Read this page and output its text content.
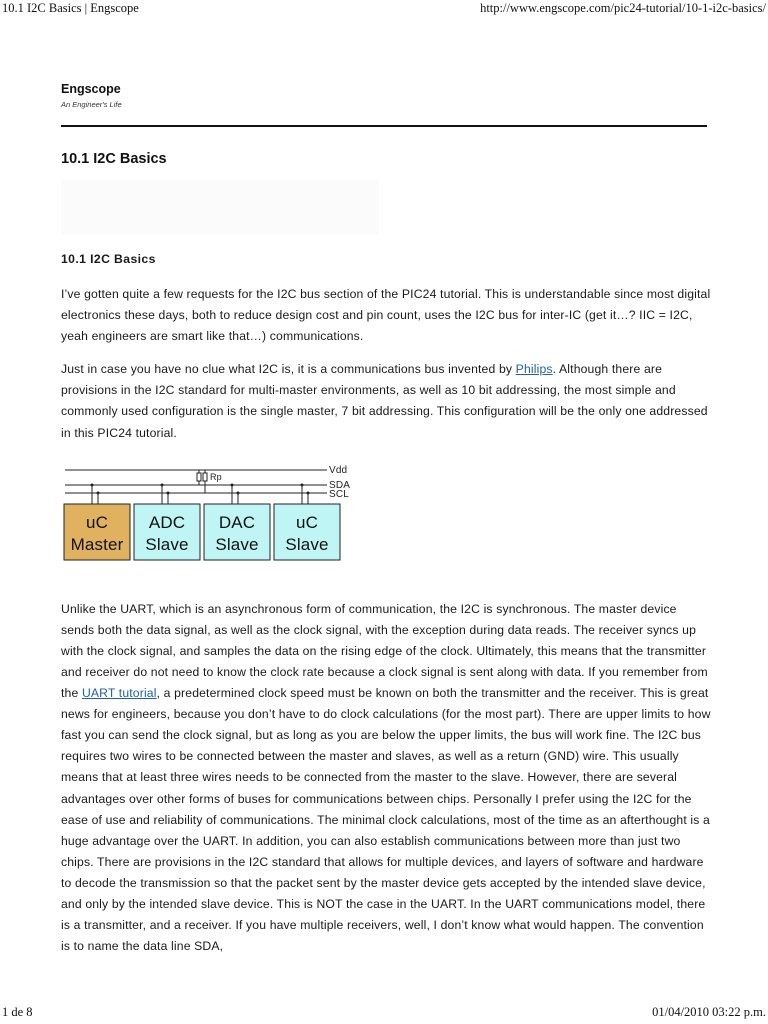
10.1 I2C Basics | Engscope	http://www.engscope.com/pic24-tutorial/10-1-i2c-basics/
Engscope
An Engineer's Life
10.1 I2C Basics
10.1 I2C Basics

I’ve gotten quite a few requests for the I2C bus section of the PIC24 tutorial. This is understandable since most digital electronics these days, both to reduce design cost and pin count, uses the I2C bus for inter-IC (get it…? IIC = I2C, yeah engineers are smart like that…) communications.

Just in case you have no clue what I2C is, it is a communications bus invented by Philips. Although there are provisions in the I2C standard for multi-master environments, as well as 10 bit addressing, the most simple and commonly used configuration is the single master, 7 bit addressing. This configuration will be the only one addressed in this PIC24 tutorial.

Rp
Vdd
SDA
SCL
uC
Master
ADC
Slave
DAC
Slave
uC
Slave

Unlike the UART, which is an asynchronous form of communication, the I2C is synchronous. The master device sends both the data signal, as well as the clock signal, with the exception during data reads. The receiver syncs up with the clock signal, and samples the data on the rising edge of the clock. Ultimately, this means that the transmitter and receiver do not need to know the clock rate because a clock signal is sent along with data. If you remember from the UART tutorial, a predetermined clock speed must be known on both the transmitter and the receiver. This is great news for engineers, because you don’t have to do clock calculations (for the most part). There are upper limits to how fast you can send the clock signal, but as long as you are below the upper limits, the bus will work fine. The I2C bus requires two wires to be connected between the master and slaves, as well as a return (GND) wire. This usually means that at least three wires needs to be connected from the master to the slave. However, there are several advantages over other forms of buses for communications between chips. Personally I prefer using the I2C for the ease of use and reliability of communications. The minimal clock calculations, most of the time as an afterthought is a huge advantage over the UART. In addition, you can also establish communications between more than just two chips. There are provisions in the I2C standard that allows for multiple devices, and layers of software and hardware to decode the transmission so that the packet sent by the master device gets accepted by the intended slave device, and only by the intended slave device. This is NOT the case in the UART. In the UART communications model, there is a transmitter, and a receiver. If you have multiple receivers, well, I don’t know what would happen. The convention is to name the data line SDA,

1 de 8	01/04/2010 03:22 p.m.
